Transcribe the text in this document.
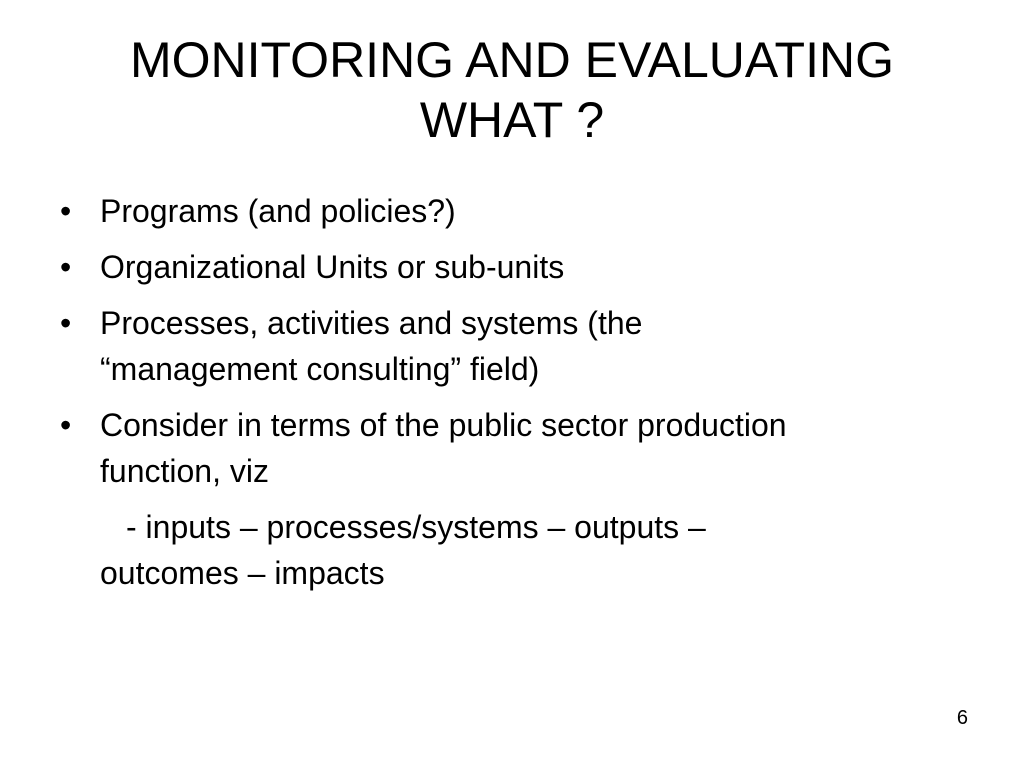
MONITORING AND EVALUATING
WHAT ?
• Programs (and policies?)
• Organizational Units or sub-units
• Processes, activities and systems (the
“management consulting” field)
• Consider in terms of the public sector production
function, viz
- inputs – processes/systems – outputs –
outcomes – impacts
6
